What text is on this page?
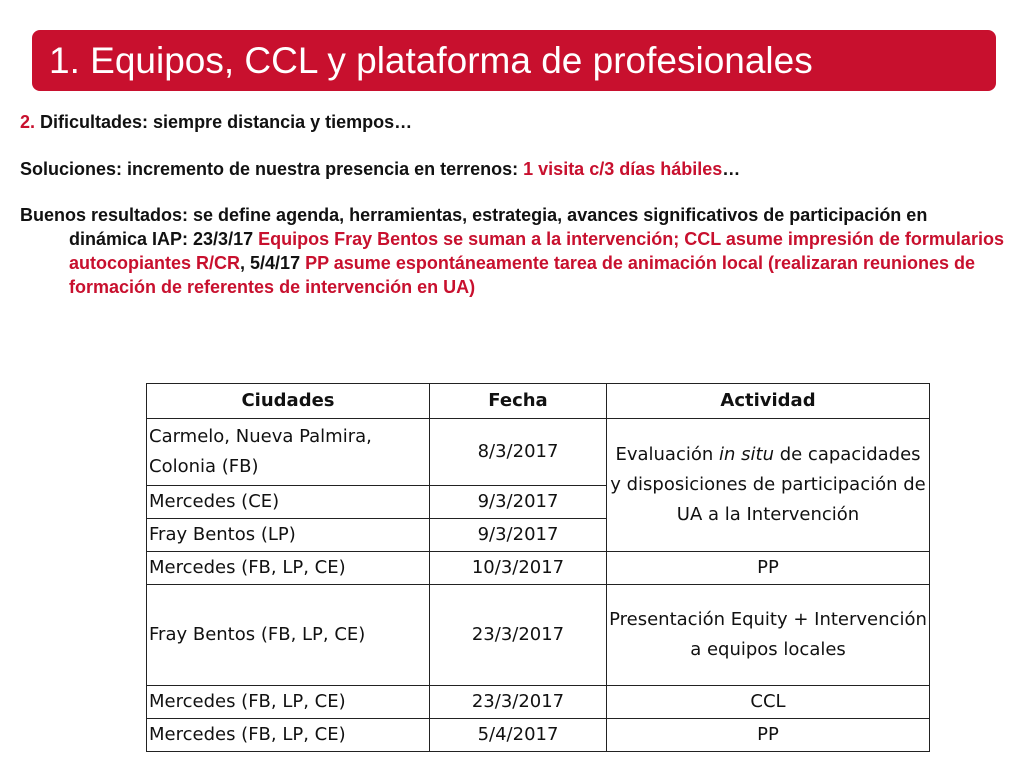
1. Equipos, CCL y plataforma de profesionales

2. Dificultades: siempre distancia y tiempos…

Soluciones: incremento de nuestra presencia en terrenos: 1 visita c/3 días hábiles…

Buenos resultados: se define agenda, herramientas, estrategia, avances significativos de participación en dinámica IAP: 23/3/17 Equipos Fray Bentos se suman a la intervención; CCL asume impresión de formularios autocopiantes R/CR, 5/4/17 PP asume espontáneamente tarea de animación local (realizaran reuniones de formación de referentes de intervención en UA)

Ciudades	Fecha	Actividad
Carmelo, Nueva Palmira, Colonia (FB)	8/3/2017	Evaluación in situ de capacidades y disposiciones de participación de UA a la Intervención
Mercedes (CE)	9/3/2017	
Fray Bentos (LP)	9/3/2017	
Mercedes (FB, LP, CE)	10/3/2017	PP
Fray Bentos (FB, LP, CE)	23/3/2017	Presentación Equity + Intervención a equipos locales
Mercedes (FB, LP, CE)	23/3/2017	CCL
Mercedes (FB, LP, CE)	5/4/2017	PP
